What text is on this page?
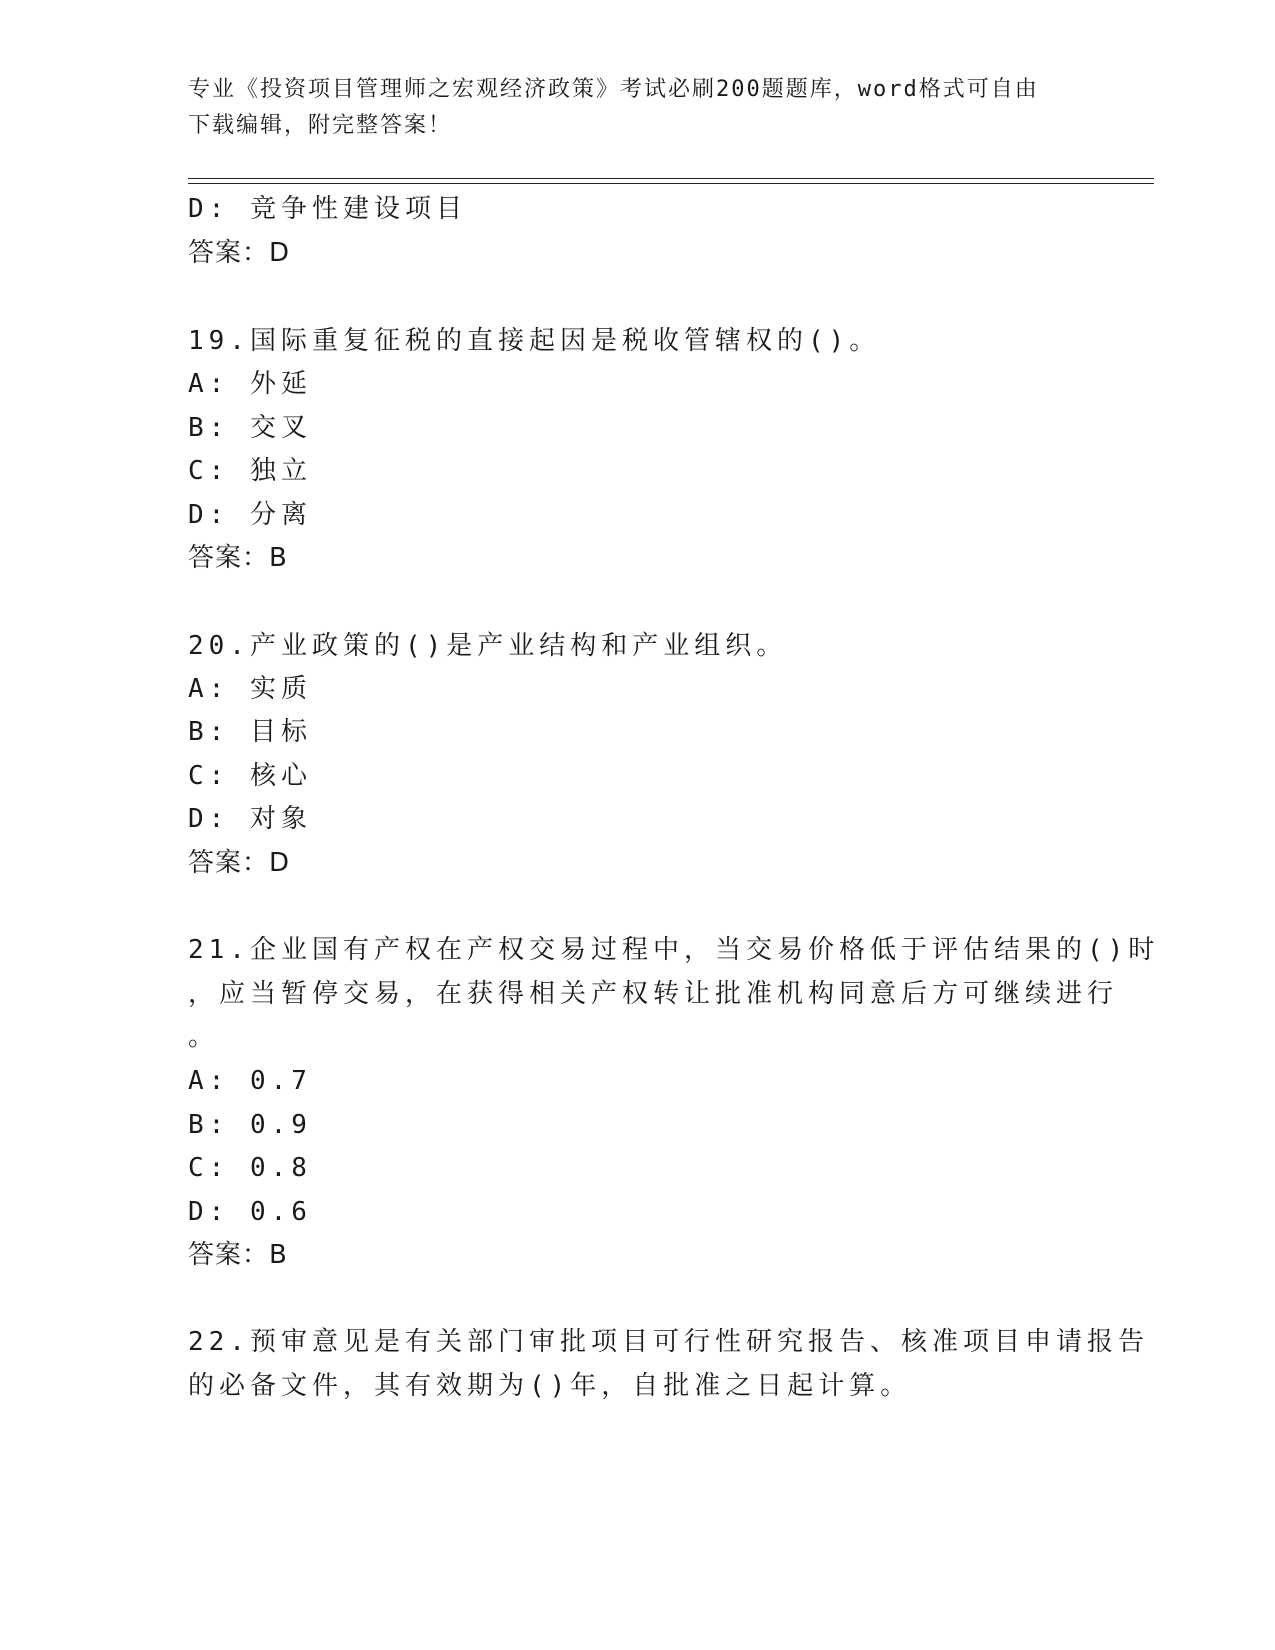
专业《投资项目管理师之宏观经济政策》考试必刷200题题库，word格式可自由
下载编辑，附完整答案！
D: 竞争性建设项目
答案：D
19.国际重复征税的直接起因是税收管辖权的()。
A: 外延
B: 交叉
C: 独立
D: 分离
答案：B
20.产业政策的()是产业结构和产业组织。
A: 实质
B: 目标
C: 核心
D: 对象
答案：D
21.企业国有产权在产权交易过程中，当交易价格低于评估结果的()时
，应当暂停交易，在获得相关产权转让批准机构同意后方可继续进行
。
A: 0.7
B: 0.9
C: 0.8
D: 0.6
答案：B
22.预审意见是有关部门审批项目可行性研究报告、核准项目申请报告
的必备文件，其有效期为()年，自批准之日起计算。
